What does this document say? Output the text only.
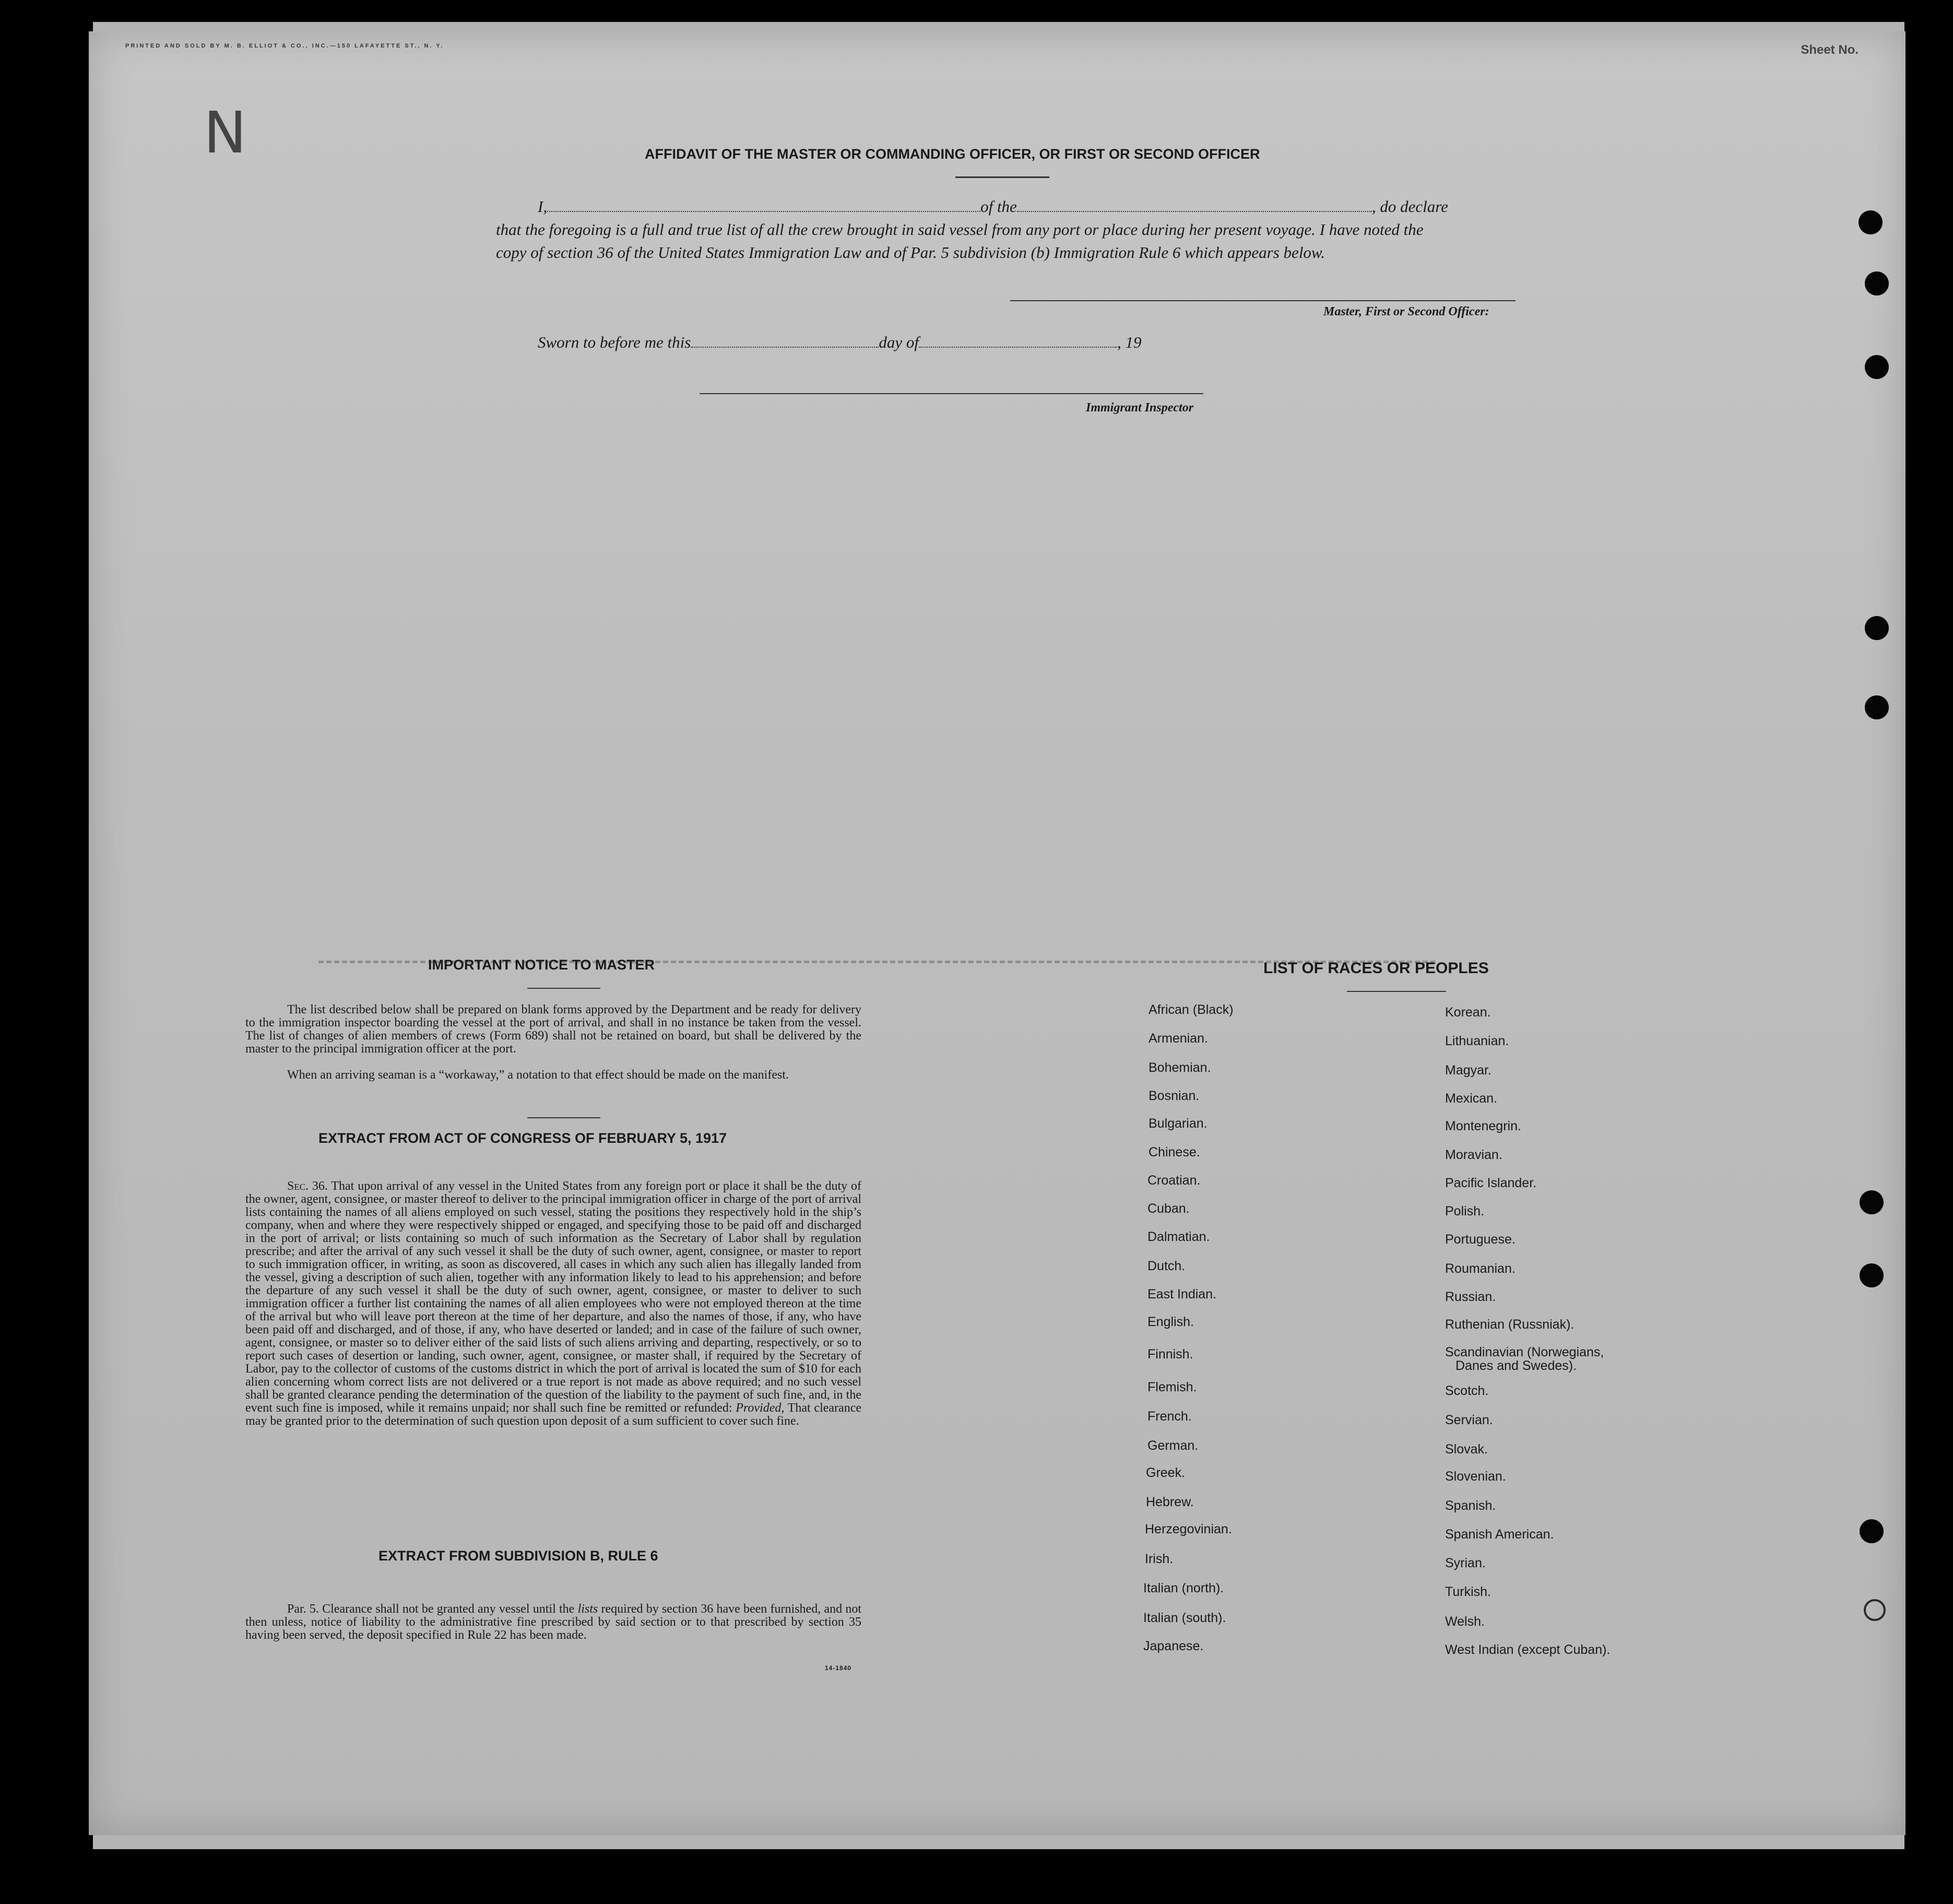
PRINTED AND SOLD BY M. B. ELLIOT & CO., INC.—150 LAFAYETTE ST., N. Y.	Sheet No.
N	AFFIDAVIT OF THE MASTER OR COMMANDING OFFICER, OR FIRST OR SECOND OFFICER
I,	of the	, do declare
that the foregoing is a full and true list of all the crew brought in said vessel from any port or place during her present voyage. I have noted the
copy of section 36 of the United States Immigration Law and of Par. 5 subdivision (b) Immigration Rule 6 which appears below.
Master, First or Second Officer:
Sworn to before me this	day of	, 19
Immigrant Inspector
IMPORTANT NOTICE TO MASTER
The list described below shall be prepared on blank forms approved by the Department and be ready for delivery to the immigration inspector boarding the vessel at the port of arrival, and shall in no instance be taken from the vessel. The list of changes of alien members of crews (Form 689) shall not be retained on board, but shall be delivered by the master to the principal immigration officer at the port.
When an arriving seaman is a “workaway,” a notation to that effect should be made on the manifest.
EXTRACT FROM ACT OF CONGRESS OF FEBRUARY 5, 1917
Sec. 36. That upon arrival of any vessel in the United States from any foreign port or place it shall be the duty of the owner, agent, consignee, or master thereof to deliver to the principal immigration officer in charge of the port of arrival lists containing the names of all aliens employed on such vessel, stating the positions they respectively hold in the ship’s company, when and where they were respectively shipped or engaged, and specifying those to be paid off and discharged in the port of arrival; or lists containing so much of such information as the Secretary of Labor shall by regulation prescribe; and after the arrival of any such vessel it shall be the duty of such owner, agent, consignee, or master to report to such immigration officer, in writing, as soon as discovered, all cases in which any such alien has illegally landed from the vessel, giving a description of such alien, together with any information likely to lead to his apprehension; and before the departure of any such vessel it shall be the duty of such owner, agent, consignee, or master to deliver to such immigration officer a further list containing the names of all alien employees who were not employed thereon at the time of the arrival but who will leave port thereon at the time of her departure, and also the names of those, if any, who have been paid off and discharged, and of those, if any, who have deserted or landed; and in case of the failure of such owner, agent, consignee, or master so to deliver either of the said lists of such aliens arriving and departing, respectively, or so to report such cases of desertion or landing, such owner, agent, consignee, or master shall, if required by the Secretary of Labor, pay to the collector of customs of the customs district in which the port of arrival is located the sum of $10 for each alien concerning whom correct lists are not delivered or a true report is not made as above required; and no such vessel shall be granted clearance pending the determination of the question of the liability to the payment of such fine, and, in the event such fine is imposed, while it remains unpaid; nor shall such fine be remitted or refunded: Provided, That clearance may be granted prior to the determination of such question upon deposit of a sum sufficient to cover such fine.
EXTRACT FROM SUBDIVISION B, RULE 6
Par. 5. Clearance shall not be granted any vessel until the lists required by section 36 have been furnished, and not then unless, notice of liability to the administrative fine prescribed by said section or to that prescribed by section 35 having been served, the deposit specified in Rule 22 has been made.
14-1840
LIST OF RACES OR PEOPLES
African (Black)
Armenian.
Bohemian.
Bosnian.
Bulgarian.
Chinese.
Croatian.
Cuban.
Dalmatian.
Dutch.
East Indian.
English.
Finnish.
Flemish.
French.
German.
Greek.
Hebrew.
Herzegovinian.
Irish.
Italian (north).
Italian (south).
Japanese.
Korean.
Lithuanian.
Magyar.
Mexican.
Montenegrin.
Moravian.
Pacific Islander.
Polish.
Portuguese.
Roumanian.
Russian.
Ruthenian (Russniak).
Scandinavian (Norwegians,
Danes and Swedes).
Scotch.
Servian.
Slovak.
Slovenian.
Spanish.
Spanish American.
Syrian.
Turkish.
Welsh.
West Indian (except Cuban).
